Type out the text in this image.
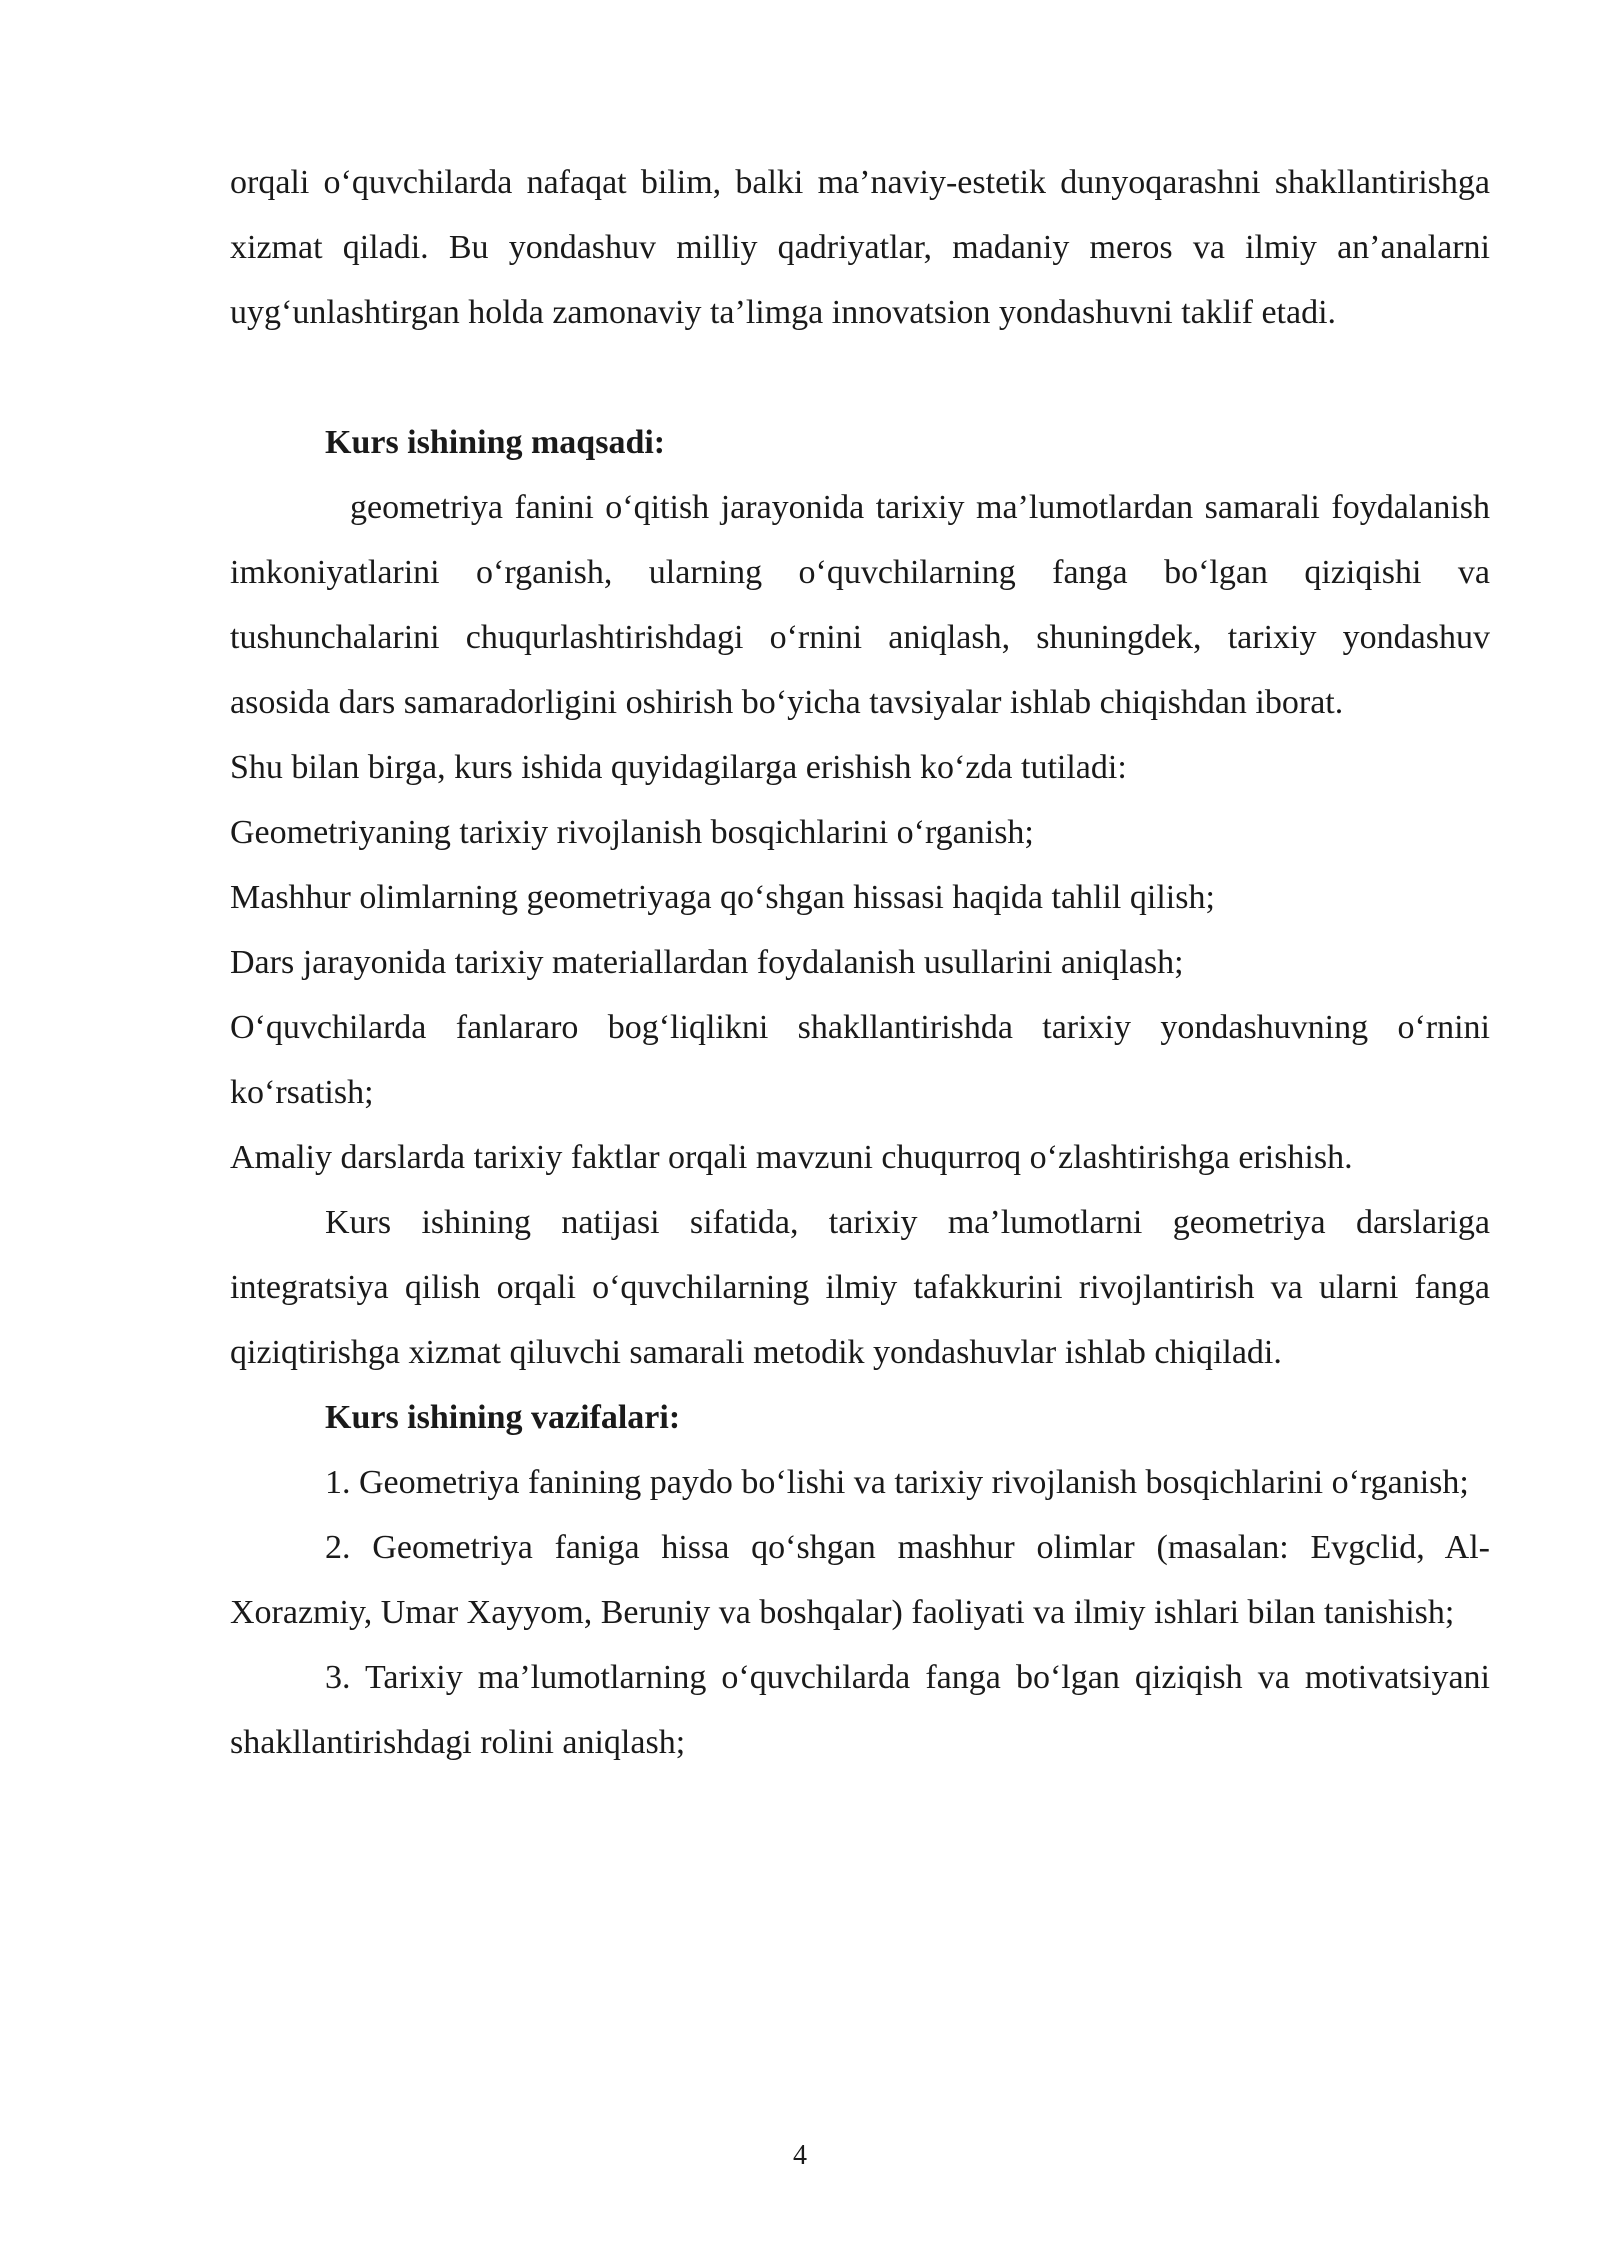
orqali o‘quvchilarda nafaqat bilim, balki ma’naviy-estetik dunyoqarashni shakllantirishga xizmat qiladi. Bu yondashuv milliy qadriyatlar, madaniy meros va ilmiy an’analarni uyg‘unlashtirgan holda zamonaviy ta’limga innovatsion yondashuvni taklif etadi.

Kurs ishining maqsadi:

geometriya fanini o‘qitish jarayonida tarixiy ma’lumotlardan samarali foydalanish imkoniyatlarini o‘rganish, ularning o‘quvchilarning fanga bo‘lgan qiziqishi va tushunchalarini chuqurlashtirishdagi o‘rnini aniqlash, shuningdek, tarixiy yondashuv asosida dars samaradorligini oshirish bo‘yicha tavsiyalar ishlab chiqishdan iborat.

Shu bilan birga, kurs ishida quyidagilarga erishish ko‘zda tutiladi:

Geometriyaning tarixiy rivojlanish bosqichlarini o‘rganish;

Mashhur olimlarning geometriyaga qo‘shgan hissasi haqida tahlil qilish;

Dars jarayonida tarixiy materiallardan foydalanish usullarini aniqlash;

O‘quvchilarda fanlararo bog‘liqlikni shakllantirishda tarixiy yondashuvning o‘rnini ko‘rsatish;

Amaliy darslarda tarixiy faktlar orqali mavzuni chuqurroq o‘zlashtirishga erishish.

Kurs ishining natijasi sifatida, tarixiy ma’lumotlarni geometriya darslariga integratsiya qilish orqali o‘quvchilarning ilmiy tafakkurini rivojlantirish va ularni fanga qiziqtirishga xizmat qiluvchi samarali metodik yondashuvlar ishlab chiqiladi.

Kurs ishining vazifalari:

1. Geometriya fanining paydo bo‘lishi va tarixiy rivojlanish bosqichlarini o‘rganish;

2. Geometriya faniga hissa qo‘shgan mashhur olimlar (masalan: Evgclid, Al-Xorazmiy, Umar Xayyom, Beruniy va boshqalar) faoliyati va ilmiy ishlari bilan tanishish;

3. Tarixiy ma’lumotlarning o‘quvchilarda fanga bo‘lgan qiziqish va motivatsiyani shakllantirishdagi rolini aniqlash;

4
